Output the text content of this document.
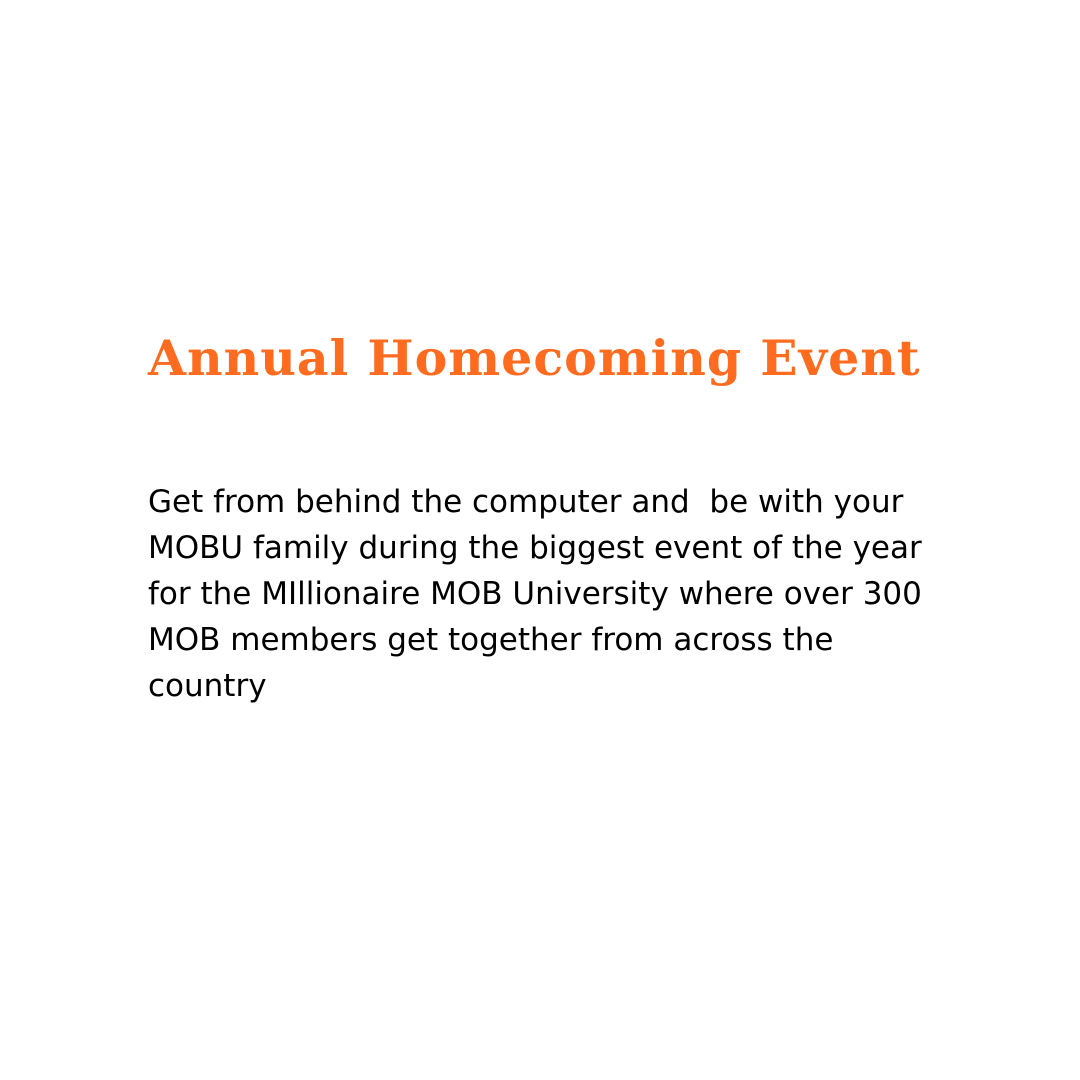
Annual Homecoming Event

Get from behind the computer and  be with your MOBU family during the biggest event of the year for the MIllionaire MOB University where over 300 MOB members get together from across the country
